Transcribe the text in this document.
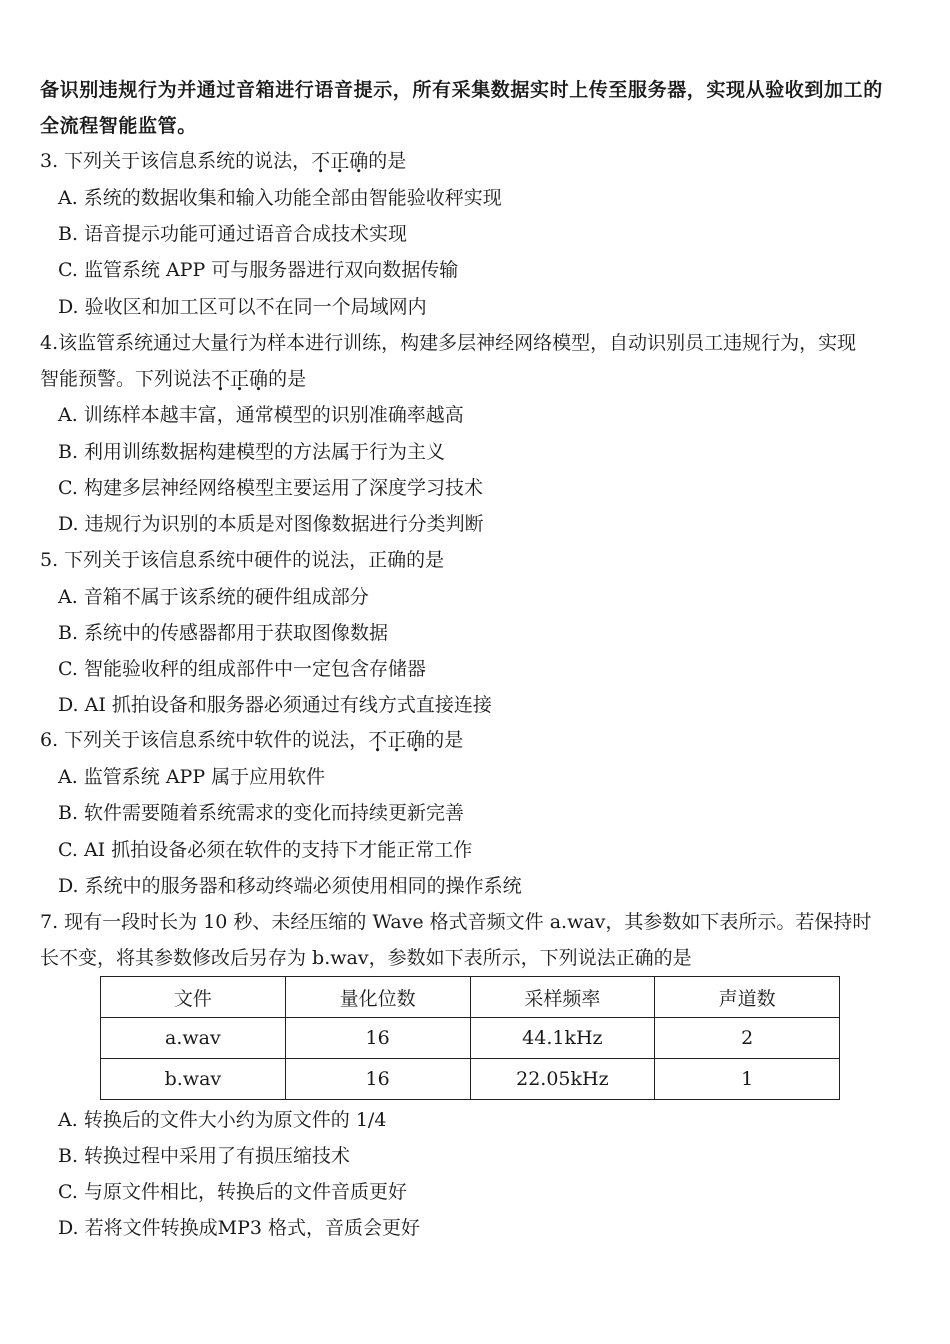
备识别违规行为并通过音箱进行语音提示，所有采集数据实时上传至服务器，实现从验收到加工的
全流程智能监管。
3. 下列关于该信息系统的说法，不正确的是
A. 系统的数据收集和输入功能全部由智能验收秤实现
B. 语音提示功能可通过语音合成技术实现
C. 监管系统 APP 可与服务器进行双向数据传输
D. 验收区和加工区可以不在同一个局域网内
4.该监管系统通过大量行为样本进行训练，构建多层神经网络模型，自动识别员工违规行为，实现
智能预警。下列说法不正确的是
A. 训练样本越丰富，通常模型的识别准确率越高
B. 利用训练数据构建模型的方法属于行为主义
C. 构建多层神经网络模型主要运用了深度学习技术
D. 违规行为识别的本质是对图像数据进行分类判断
5. 下列关于该信息系统中硬件的说法，正确的是
A. 音箱不属于该系统的硬件组成部分
B. 系统中的传感器都用于获取图像数据
C. 智能验收秤的组成部件中一定包含存储器
D. AI 抓拍设备和服务器必须通过有线方式直接连接
6. 下列关于该信息系统中软件的说法，不正确的是
A. 监管系统 APP 属于应用软件
B. 软件需要随着系统需求的变化而持续更新完善
C. AI 抓拍设备必须在软件的支持下才能正常工作
D. 系统中的服务器和移动终端必须使用相同的操作系统
7. 现有一段时长为 10 秒、未经压缩的 Wave 格式音频文件 a.wav，其参数如下表所示。若保持时
长不变，将其参数修改后另存为 b.wav，参数如下表所示，下列说法正确的是
文件	量化位数	采样频率	声道数
a.wav	16	44.1kHz	2
b.wav	16	22.05kHz	1
A. 转换后的文件大小约为原文件的 1/4
B. 转换过程中采用了有损压缩技术
C. 与原文件相比，转换后的文件音质更好
D. 若将文件转换成MP3 格式，音质会更好
